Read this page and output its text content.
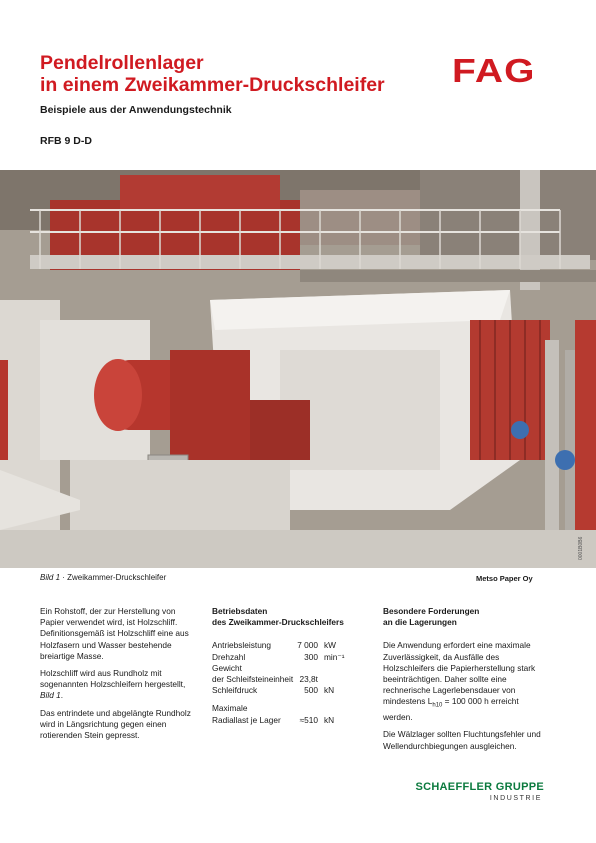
Pendelrollenlager
in einem Zweikammer-Druckschleifer	FAG
Beispiele aus der Anwendungstechnik
RFB 9 D-D
Bild 1 · Zweikammer-Druckschleifer	Metso Paper Oy
0001B0B6

Ein Rohstoff, der zur Herstellung von Papier verwendet wird, ist Holzschliff. Definitionsgemäß ist Holzschliff eine aus Holzfasern und Wasser bestehende breiartige Masse.

Holzschliff wird aus Rundholz mit sogenannten Holzschleifern hergestellt, Bild 1.

Das entrindete und abgelängte Rundholz wird in Längsrichtung gegen einen rotierenden Stein gepresst.

Betriebsdaten
des Zweikammer-Druckschleifers

Antriebsleistung	7 000	kW
Drehzahl	300	min⁻¹
Gewicht		
der Schleifsteineinheit	23,8t	
Schleifdruck	500	kN
Maximale		
Radiallast je Lager	≈510	kN

Besondere Forderungen
an die Lagerungen

Die Anwendung erfordert eine maximale Zuverlässigkeit, da Ausfälle des Holzschleifers die Papierherstellung stark beeinträchtigen. Daher sollte eine rechnerische Lagerlebensdauer von mindestens $L_{h10} = 100$ 000 h erreicht werden.

Die Wälzlager sollten Fluchtungsfehler und Wellendurchbiegungen ausgleichen.

SCHAEFFLER GRUPPE
INDUSTRIE
